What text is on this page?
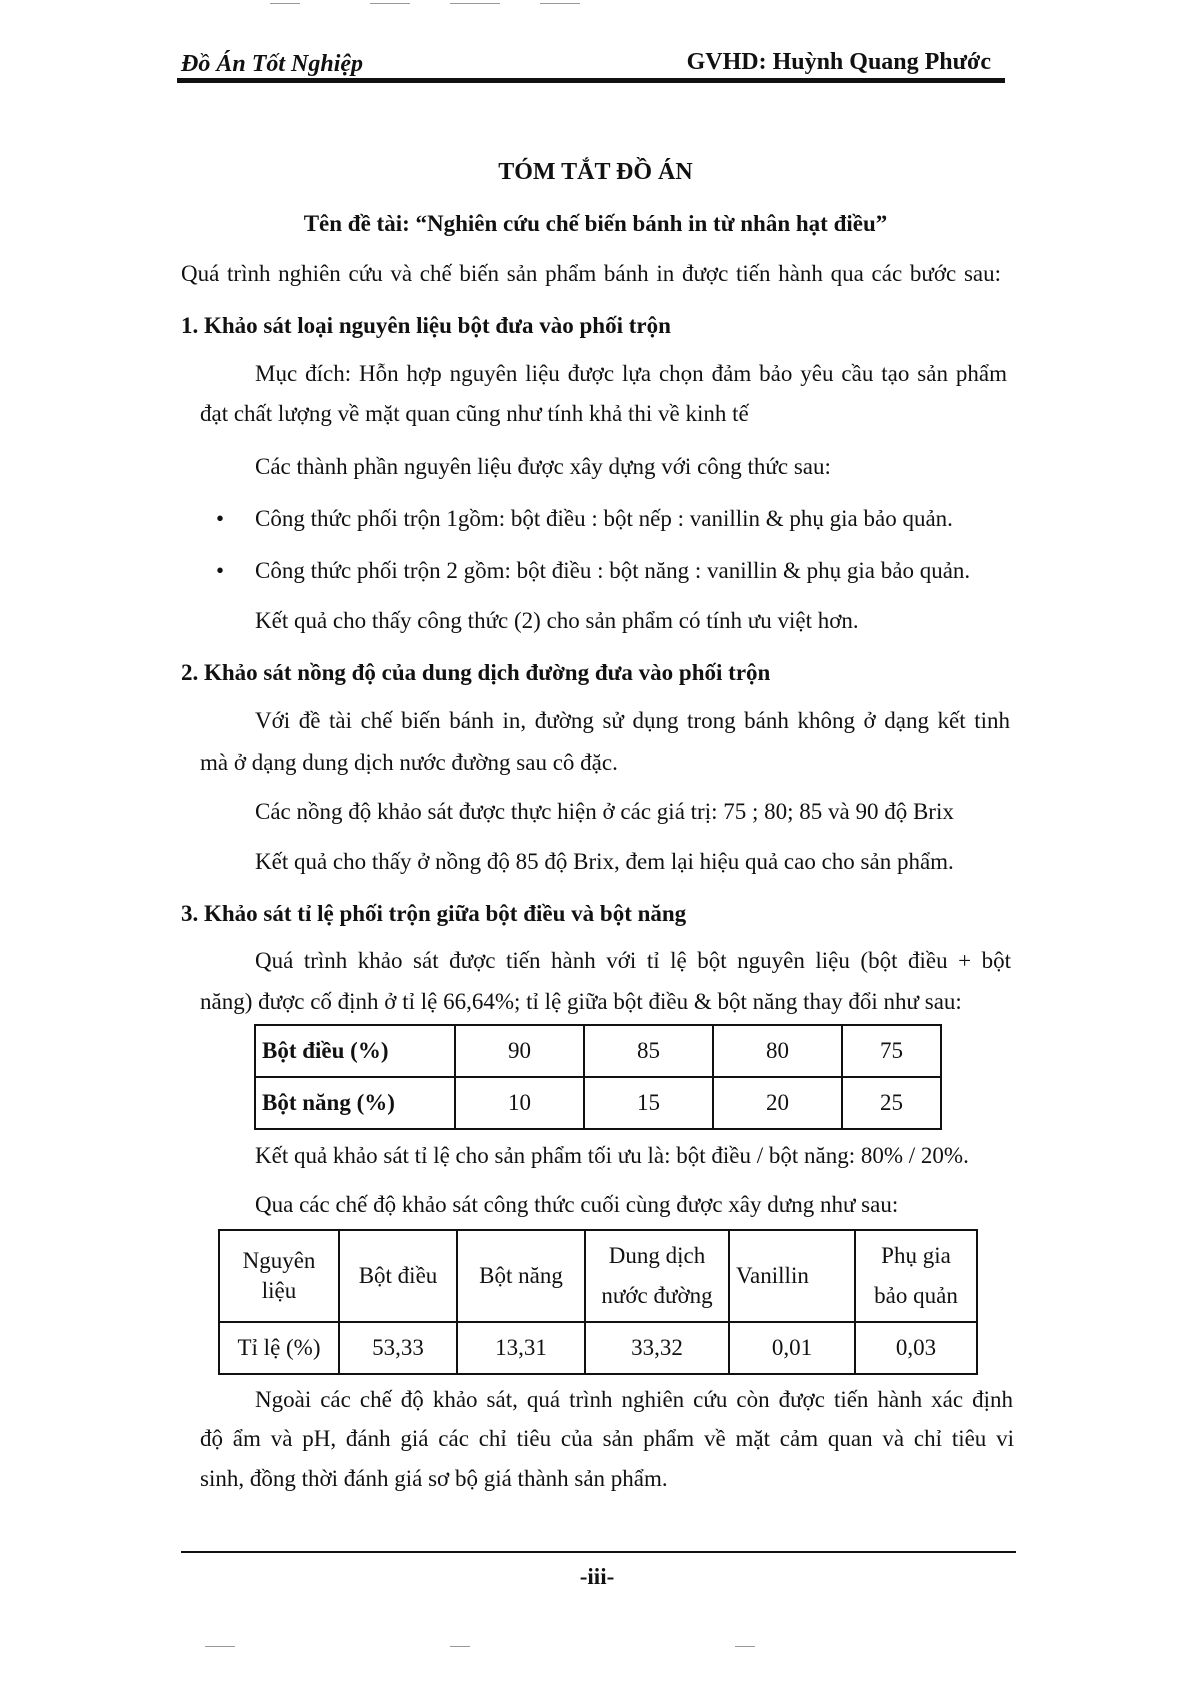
Đồ Án Tốt Nghiệp	GVHD: Huỳnh Quang Phước
TÓM TẮT ĐỒ ÁN
Tên đề tài: “Nghiên cứu chế biến bánh in từ nhân hạt điều”
Quá trình nghiên cứu và chế biến sản phẩm bánh in được tiến hành qua các bước sau:
1. Khảo sát loại nguyên liệu bột đưa vào phối trộn
Mục đích: Hỗn hợp nguyên liệu được lựa chọn đảm bảo yêu cầu tạo sản phẩm
đạt chất lượng về mặt quan cũng như tính khả thi về kinh tế
Các thành phần nguyên liệu được xây dựng với công thức sau:
• Công thức phối trộn 1gồm: bột điều : bột nếp : vanillin & phụ gia bảo quản.
• Công thức phối trộn 2 gồm: bột điều : bột năng : vanillin & phụ gia bảo quản.
Kết quả cho thấy công thức (2) cho sản phẩm có tính ưu việt hơn.
2. Khảo sát nồng độ của dung dịch đường đưa vào phối trộn
Với đề tài chế biến bánh in, đường sử dụng trong bánh không ở dạng kết tinh
mà ở dạng dung dịch nước đường sau cô đặc.
Các nồng độ khảo sát được thực hiện ở các giá trị: 75 ; 80; 85 và 90 độ Brix
Kết quả cho thấy ở nồng độ 85 độ Brix, đem lại hiệu quả cao cho sản phẩm.
3. Khảo sát tỉ lệ phối trộn giữa bột điều và bột năng
Quá trình khảo sát được tiến hành với tỉ lệ bột nguyên liệu (bột điều + bột
năng) được cố định ở tỉ lệ 66,64%; tỉ lệ giữa bột điều & bột năng thay đổi như sau:
Bột điều (%)	90	85	80	75
Bột năng (%)	10	15	20	25
Kết quả khảo sát tỉ lệ cho sản phẩm tối ưu là: bột điều / bột năng: 80% / 20%.
Qua các chế độ khảo sát công thức cuối cùng được xây dưng như sau:
Nguyên liệu	Bột điều	Bột năng	Dung dịch nước đường	Vanillin	Phụ gia bảo quản
Tỉ lệ (%)	53,33	13,31	33,32	0,01	0,03
Ngoài các chế độ khảo sát, quá trình nghiên cứu còn được tiến hành xác định
độ ẩm và pH, đánh giá các chỉ tiêu của sản phẩm về mặt cảm quan và chỉ tiêu vi
sinh, đồng thời đánh giá sơ bộ giá thành sản phẩm.
-iii-
